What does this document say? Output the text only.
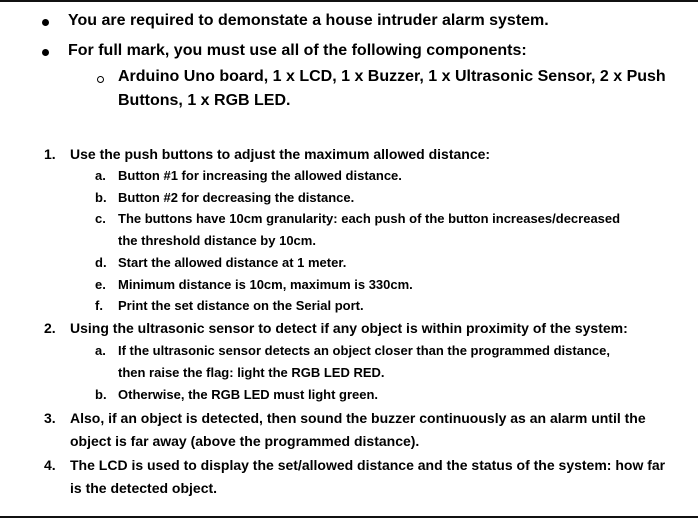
You are required to demonstate a house intruder alarm system.
For full mark, you must use all of the following components:
Arduino Uno board, 1 x LCD, 1 x Buzzer, 1 x Ultrasonic Sensor, 2 x Push
Buttons, 1 x RGB LED.
1. Use the push buttons to adjust the maximum allowed distance:
a. Button #1 for increasing the allowed distance.
b. Button #2 for decreasing the distance.
c. The buttons have 10cm granularity: each push of the button increases/decreased
the threshold distance by 10cm.
d. Start the allowed distance at 1 meter.
e. Minimum distance is 10cm, maximum is 330cm.
f. Print the set distance on the Serial port.
2. Using the ultrasonic sensor to detect if any object is within proximity of the system:
a. If the ultrasonic sensor detects an object closer than the programmed distance,
then raise the flag: light the RGB LED RED.
b. Otherwise, the RGB LED must light green.
3. Also, if an object is detected, then sound the buzzer continuously as an alarm until the
object is far away (above the programmed distance).
4. The LCD is used to display the set/allowed distance and the status of the system: how far
is the detected object.
